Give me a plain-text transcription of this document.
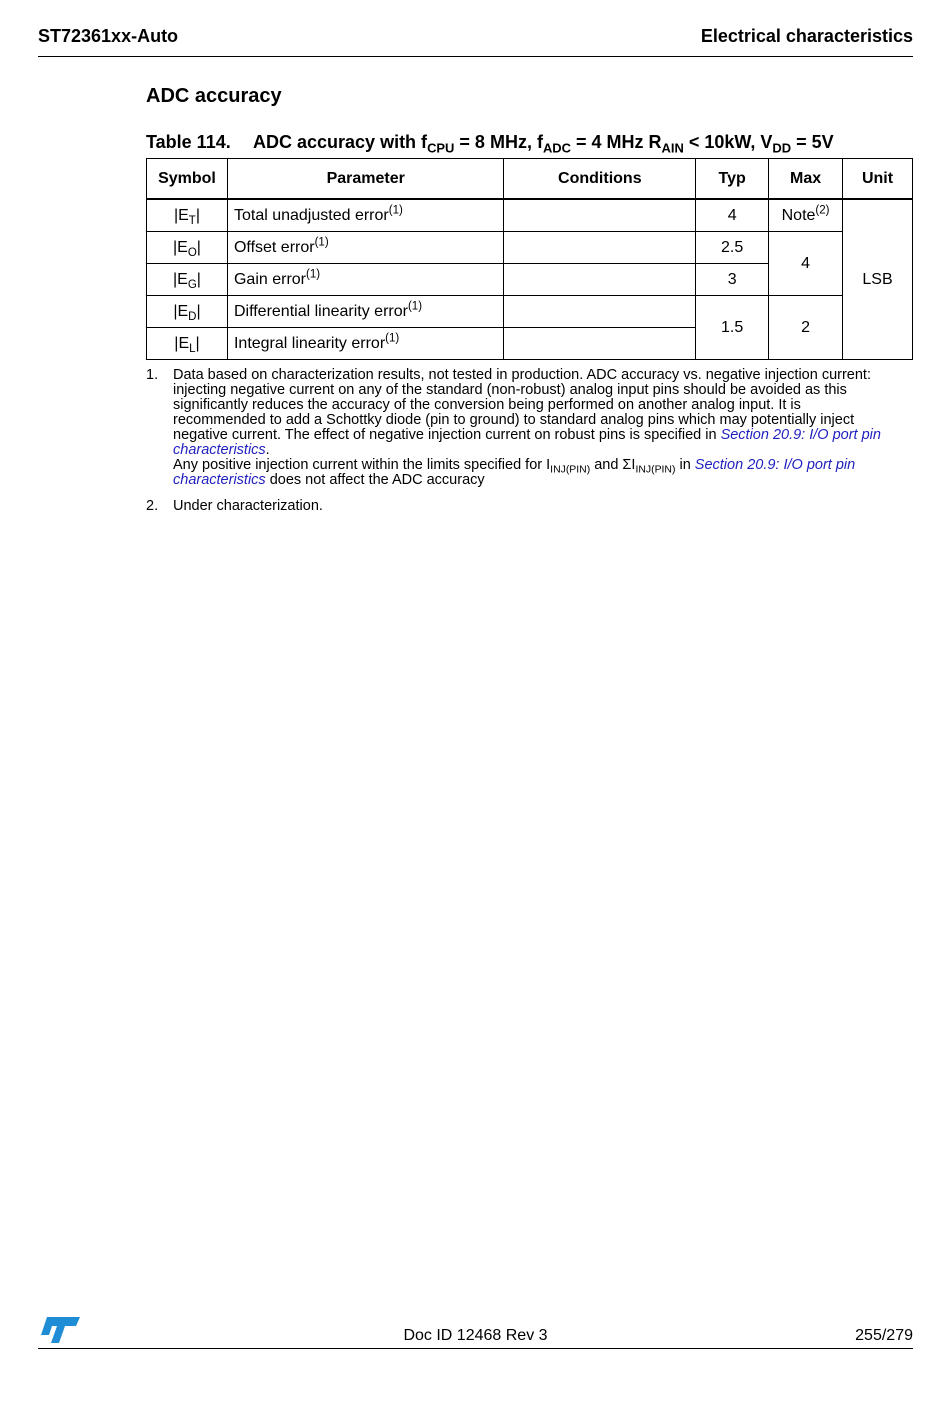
ST72361xx-Auto	Electrical characteristics
ADC accuracy
Table 114. ADC accuracy with $f_{CPU} = 8$ MHz, $f_{ADC} = 4$ MHz $R_{AIN} < 10kW$, $V_{DD} = 5V$
Symbol	Parameter	Conditions	Typ	Max	Unit
$|E_T|$	Total unadjusted error$^{(1)}$		4	Note$^{(2)}$	LSB
$|E_O|$	Offset error$^{(1)}$		2.5	4	
$|E_G|$	Gain error$^{(1)}$		3		
$|E_D|$	Differential linearity error$^{(1)}$		1.5	2	
$|E_L|$	Integral linearity error$^{(1)}$	
1. Data based on characterization results, not tested in production. ADC accuracy vs. negative injection current: injecting negative current on any of the standard (non-robust) analog input pins should be avoided as this significantly reduces the accuracy of the conversion being performed on another analog input. It is recommended to add a Schottky diode (pin to ground) to standard analog pins which may potentially inject negative current. The effect of negative injection current on robust pins is specified in Section 20.9: I/O port pin characteristics.
Any positive injection current within the limits specified for $I_{INJ(PIN)}$ and $\Sigma I_{INJ(PIN)}$ in Section 20.9: I/O port pin characteristics does not affect the ADC accuracy
2. Under characterization.
Doc ID 12468 Rev 3	255/279
